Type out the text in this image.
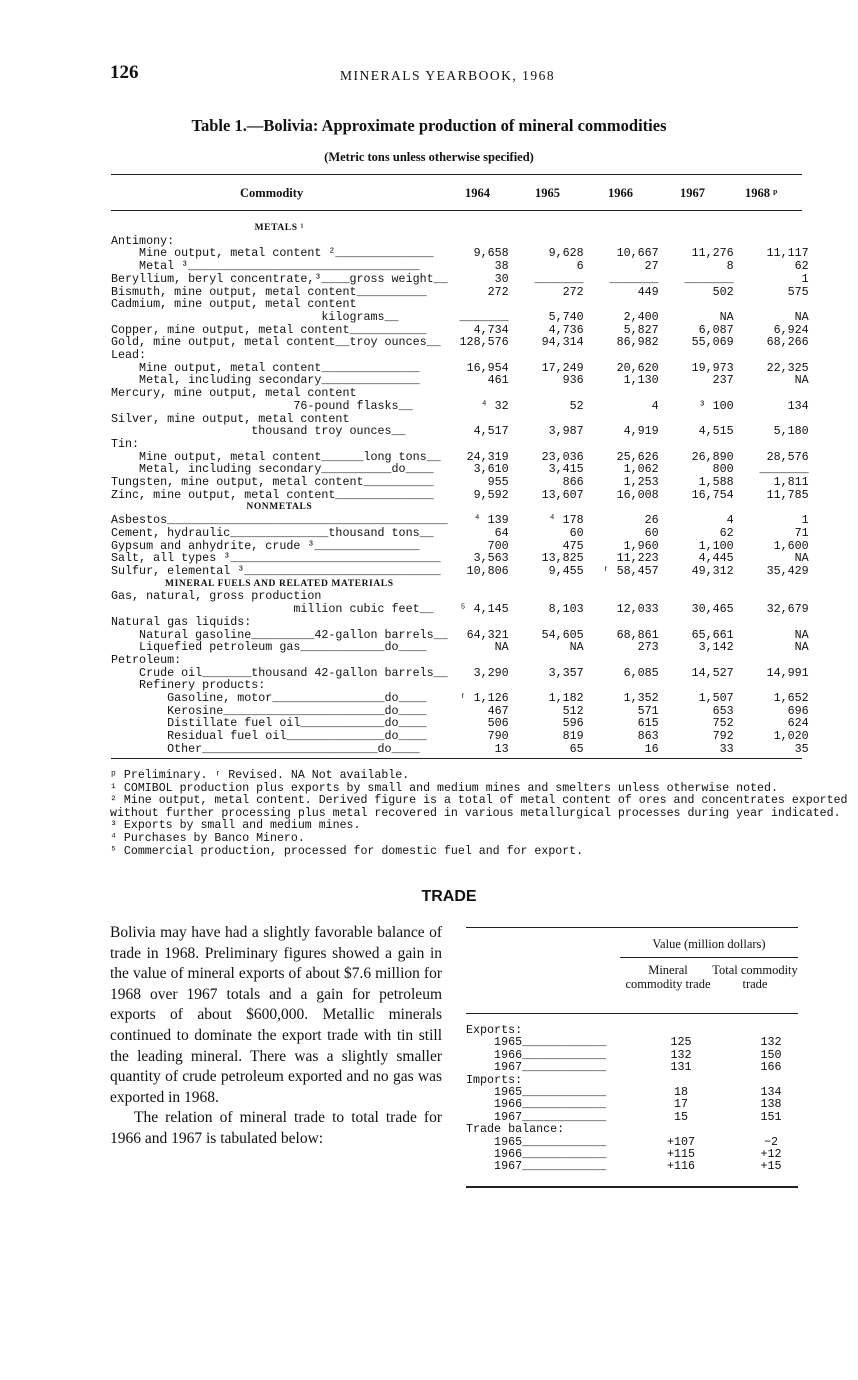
126	MINERALS YEARBOOK, 1968
Table 1.—Bolivia: Approximate production of mineral commodities
(Metric tons unless otherwise specified)
Commodity	1964	1965	1966	1967	1968 ᵖ
METALS ¹					
Antimony:					
Mine output, metal content ²______________	9,658	9,628	10,667	11,276	11,117
Metal ³_________________________________	38	6	27	8	62
Beryllium, beryl concentrate,³____gross weight__	30	_______	_______	_______	1
Bismuth, mine output, metal content__________	272	272	449	502	575
Cadmium, mine output, metal content					
kilograms__	_______	5,740	2,400	NA	NA
Copper, mine output, metal content___________	4,734	4,736	5,827	6,087	6,924
Gold, mine output, metal content__troy ounces__	128,576	94,314	86,982	55,069	68,266
Lead:					
Mine output, metal content______________	16,954	17,249	20,620	19,973	22,325
Metal, including secondary______________	461	936	1,130	237	NA
Mercury, mine output, metal content					
76-pound flasks__	⁴ 32	52	4	³ 100	134
Silver, mine output, metal content					
thousand troy ounces__	4,517	3,987	4,919	4,515	5,180
Tin:					
Mine output, metal content______long tons__	24,319	23,036	25,626	26,890	28,576
Metal, including secondary__________do____	3,610	3,415	1,062	800	_______
Tungsten, mine output, metal content__________	955	866	1,253	1,588	1,811
Zinc, mine output, metal content______________	9,592	13,607	16,008	16,754	11,785
NONMETALS					
Asbestos________________________________________	⁴ 139	⁴ 178	26	4	1
Cement, hydraulic______________thousand tons__	64	60	60	62	71
Gypsum and anhydrite, crude ³_______________	700	475	1,960	1,100	1,600
Salt, all types ³______________________________	3,563	13,825	11,223	4,445	NA
Sulfur, elemental ³____________________________	10,806	9,455	ʳ 58,457	49,312	35,429
MINERAL FUELS AND RELATED MATERIALS					
Gas, natural, gross production					
million cubic feet__	⁵ 4,145	8,103	12,033	30,465	32,679
Natural gas liquids:					
Natural gasoline_________42-gallon barrels__	64,321	54,605	68,861	65,661	NA
Liquefied petroleum gas____________do____	NA	NA	273	3,142	NA
Petroleum:					
Crude oil_______thousand 42-gallon barrels__	3,290	3,357	6,085	14,527	14,991
Refinery products:					
Gasoline, motor________________do____	ʳ 1,126	1,182	1,352	1,507	1,652
Kerosine_______________________do____	467	512	571	653	696
Distillate fuel oil____________do____	506	596	615	752	624
Residual fuel oil______________do____	790	819	863	792	1,020
Other_________________________do____	13	65	16	33	35
ᵖ Preliminary. ʳ Revised. NA Not available.
¹ COMIBOL production plus exports by small and medium mines and smelters unless otherwise noted.
² Mine output, metal content. Derived figure is a total of metal content of ores and concentrates exported
without further processing plus metal recovered in various metallurgical processes during year indicated.
³ Exports by small and medium mines.
⁴ Purchases by Banco Minero.
⁵ Commercial production, processed for domestic fuel and for export.
TRADE

Bolivia may have had a slightly favorable balance of trade in 1968. Preliminary figures showed a gain in the value of mineral exports of about $7.6 million for 1968 over 1967 totals and a gain for petroleum exports of about $600,000. Metallic minerals continued to dominate the export trade with tin still the leading mineral. There was a slightly smaller quantity of crude petroleum exported and no gas was exported in 1968.

The relation of mineral trade to total trade for 1966 and 1967 is tabulated below:

Value (million dollars)
Mineral commodity trade
Total commodity trade
Exports:			
1965____________		125	132
1966____________		132	150
1967____________		131	166
Imports:			
1965____________		18	134
1966____________		17	138
1967____________		15	151
Trade balance:			
1965____________		+107	−2
1966____________		+115	+12
1967____________		+116	+15
